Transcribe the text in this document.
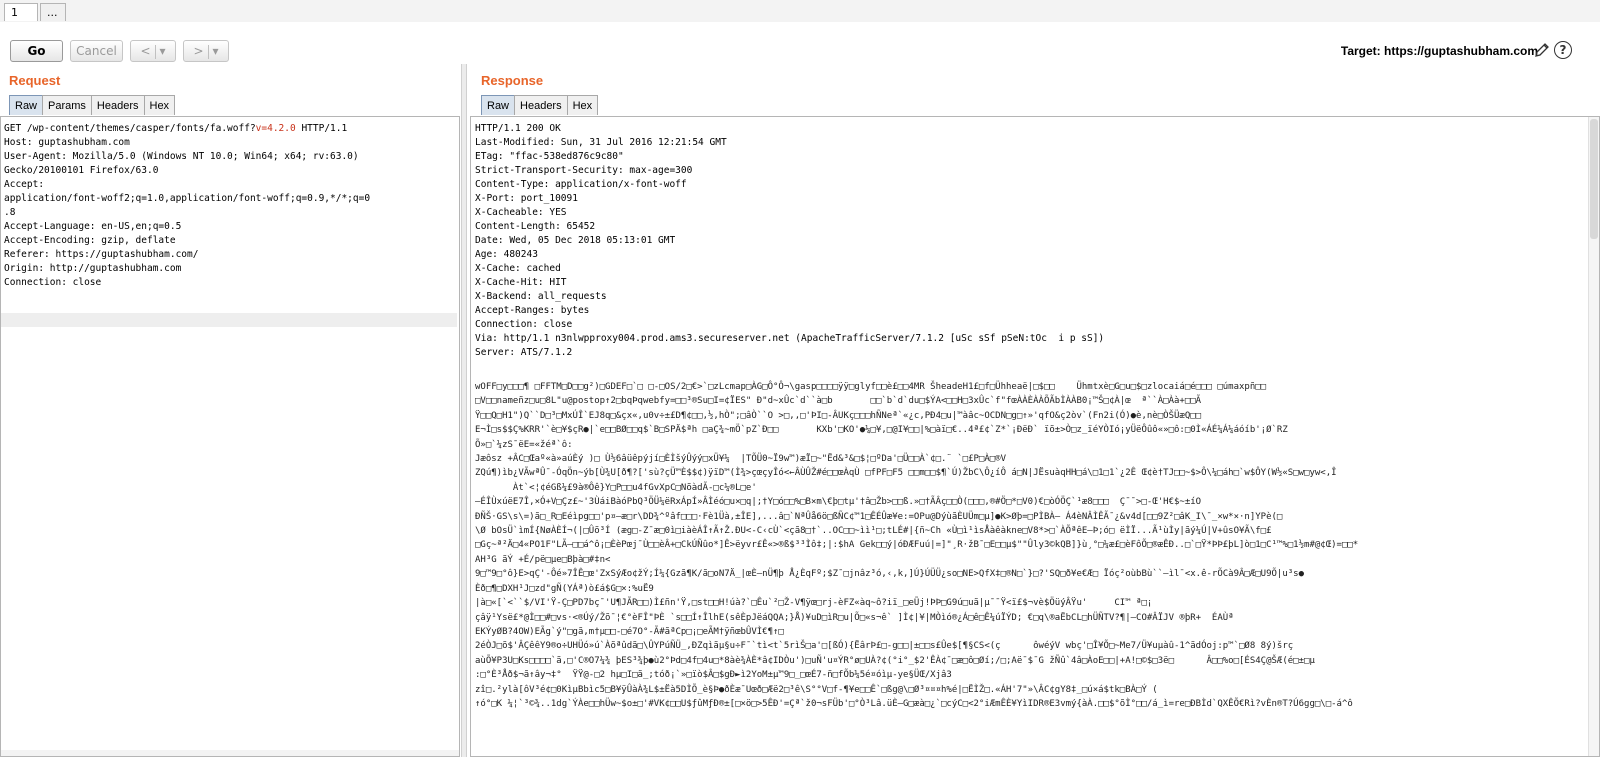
1	...
Go	Cancel	< ▾	> ▾	Target: https://guptashubham.com	?
Request
Raw	Params	Headers	Hex
GET /wp-content/themes/casper/fonts/fa.woff?v=4.2.0 HTTP/1.1
Host: guptashubham.com
User-Agent: Mozilla/5.0 (Windows NT 10.0; Win64; x64; rv:63.0)
Gecko/20100101 Firefox/63.0
Accept:
application/font-woff2;q=1.0,application/font-woff;q=0.9,*/*;q=0
.8
Accept-Language: en-US,en;q=0.5
Accept-Encoding: gzip, deflate
Referer: https://guptashubham.com/
Origin: http://guptashubham.com
Connection: close
Response
Raw	Headers	Hex
HTTP/1.1 200 OK
Last-Modified: Sun, 31 Jul 2016 12:21:54 GMT
ETag: "ffac-538ed876c9c80"
Strict-Transport-Security: max-age=300
Content-Type: application/x-font-woff
X-Port: port_10091
X-Cacheable: YES
Content-Length: 65452
Date: Wed, 05 Dec 2018 05:13:01 GMT
Age: 480243
X-Cache: cached
X-Cache-Hit: HIT
X-Backend: all_requests
Accept-Ranges: bytes
Connection: close
Via: http/1.1 n3nlwpproxy004.prod.ams3.secureserver.net (ApacheTrafficServer/7.1.2 [uSc sSf pSeN:tOc  i p sS])
Server: ATS/7.1.2
wOFF□y□□□¶ □FFTM□D□□g²)□GDEF□`□ □-□OS/2□€>`□zLcmap□ÀG□Ô°Ô¬\gasp□□□□ÿÿ□glyf□□è£□□4MR ŠheadeH1£□f□Ühheaë|□$□□    Ühmtxè□G□u□$□zlocaiá□é□□□ □úmaxpñ□□
□V□□nameñz□u□8L"u@postop↑2□bqÞqwebfy=□□³®Su□I=¢ÏES" Ð"d~xÛc`d``à□b       □□`b`d`du□$ÝA<□□H□3xÛc`f"fœÀÀÈÀÀÕÃbÌÀÀB0¡™Š□¢À|œ  ª``À□Àà+□□Ã
Ÿ□□Q□H1")Q``D□³□MxÚÎ`EJ8q□&çx«,u0v÷±£D¶¢□□,½,hÒ";□âÒ``O >□,,□'ÞI□-ÂUKç□□□hÑNeª`«¿c,PÐ4□u|™àâc~OCDN□g□↑»'qfO&ç2òv`(Fn2i(Ó)●è,nè□ÒŠÜæQ□□
E¬Ì□s$$Ç%KRR'`è□¥$çR●|`e□□BØ□□q$`B□SPÄ$ªh □aÇ¾~mÖ`pZ`Ð□□       KXb'□KO'●¼□¥,□@I¥□□|%□àï□€..4ª£¢`Z*`¡ÐëÐ` ïõ±>Ò□z_ïéYÒIó¡yÜëÔûô«»□ô:□0Ì«ÁÉ¼Á¼áóíb'¡Ø`RZ
Õ»□`¼zS¯ëE=«žéª`ô:
Jæôsz +ÂC□Œaº«à»aúÈý )□ Ù½6âüêpýjí□ÈÌšýÛýý□xÜ¥¼  |TÕÜ0~Ï9w™)æÏ□~"Ëd&³&□$¦□ºDa'□Ü□□À`¢□.¨ `□£P□À□®V
ZQú¶)ìb¿VÃwªÛ¯-ÓqÖn~ýb[Ù¾U[ð¶?['sù?çÜ™È$$¢)ÿïD™(Ì¾>çœçyÎó<←ÂÙÛŽ#é□□œÀqÙ □fPF□F5 □□m□□$¶`Ú)ŽbC\Ô¿íÔ á□N|JËsuàqHH□á\□1□1`¿2Ê Œ¢è†TJ□□~$>Ô\¼□áh□`w$ÔY(W½«S□w□yw<,Î
Àt`<¦¢éGß¼£9à®Ôê}Y□P□□u4fGvXpC□NõàdÃ-□c¼®L□e'
—ÉÎÙxúëE7Î,×Ó+V□Çz£~'3ÙáiBàóPbQ³ÖÜ¼ëRxÁpÍ»ÂÌéó□u×□q|;†Y□ó□□%□B×m\€þ□tµ'†â□Žb>□□ß.»□†ÃÂç□□Ò(□□□,®#Ö□*□V0)€□òÓÖÇ`¹æ8□□□  Ç¯¯>□-Œ'H€$~±íO
ÐÑŠ·GS\s\=)ã□_R□Eéìpg□□'p¤—æ□r\DD¾^ºâf□□□·Fè1Üà,±ÎE],...â□`NªÛå6ö□ßÑC¢™1□ÊÉÛæ¥e:=OPu@DýùãÈUÜm□µ]●K>Øþ=□PÌBÀ– Á4èNÂÌÊÃ¯¿&v4d[□□9Z²□âK_I\¯_×w*×·n]YPè(□
\Ø bOsÜ`ìmÍ{NøÀÈÍ¬(|□Ûõ³Í (æg□-Z¯æ□0ì□iàèÁÎ↑Ã↑Ž.ÐU<-C‹cÙ`<çã8□†`..OC□□~ìì¹□;tLÉ#|{ñ~Ch «Ù□ì¹ìsÅàêàkne□V8*>□`ÀÕªêE—Þ;ó□ ëÌÏ...Ã¹ùÌy|ãý¼Ú|V+ûsO¥Ã\f□£
□Gç~ª²Ä□4«PO1F"LÃ—□□á^ô¡□ÈèPœj¯Ù□□èÂ+□CkÚÑûo*]Ê>ëyvr£Ê«>®ß$³³Ìô‡;|:$hA Gek□□ý|óÐÆFuú|=]"¸R·žB¯□E□□µ$""Ûly3©kQB]}ù¸°□¼æ£□èFôÕ□®æÊÐ..□`□Ÿ*ÞÞ£þL]ò□1□C¹™%□1½m#@¢Œ)=□□*
AH³G ãÝ +É/pë□µe□Bþà□#‡n<
9□™9□°ô}E>qÇ'-Ôé»7ÎÊ□œ'ZxSýÆo¢žÝ;Í¼{Gzã¶K/ã□oN7Ä_|œÈ—nÜ¶þ Å¿ÈqFº;$Z¯□jnâz³ó,‹,k,]Ú}ÚÜÜ¿so□NE>QfX‡□®N□`}□?'SQ□ð¥e€Æ□ Ïóç²oùbBù``—ìl¯<x.ê-rÕCà9Â□Æ□U9Õ|u³s●
Èð□¶□DXH¹J□zd"gÑ(YÁª)ò£á$G□×:%uË9
|à□«[`<``$/VI'Ÿ-Ç□PD7bç¯'U¶JÃR□□)Ì£ñn'Ÿ,□st□□H!úà?`□Êu`²□Ž-V¶ÿœ□rj-èFZ«àq~ô?iï_□eŨj!ÞÞ□G9ú□uã|µ¯¯Ÿ<ï£$¬vè$ÖüýÂŸu'     CI™ ª□¡
çâÿ¹Ysë£*@Ì□□#□vs·<®Úý/Žõ¯¦€°èFÎ"ÞÈ `s□□Í↑ÎlhE(sêÈpJëáQQA;}Å)¥uD□ìR□u|Õ□«s¬ê` ]Ì¢|¥|MÒìó®¿Á□ê□Ê¼úÏÝD; €□q\®aËbCL□hÜÑTV?¶|—CO#ÂÏJV ®þR+  ÉAÙª
EKÝyØB?4OW)EÃg`ý"□gã,m†µ□□-□é7O°-Ã#ãªCp□¡□eÃM†ÿñœbÛVÌ€¶↑□
2éÒJ□õ$'ÂÇêêY9®o÷UHÜó»ú`Àõªûdã□\ÛYPúÑÜ_,ÐZqìãµ§u÷F¯`tì<t`5rìŠ□a'□[ßÓ){ËârÞ£□-g□□|±□□s£Ûe$[¶§CS<(ç      ôwéýV wbç'□Î¥Õ□~Me7/Ü¥uµàû-1^ãdÓoj:p™`□Ø8 8ý)šrç
aùÕ¥P3U□Ks□□□□`ã,□'C®O7¼¾ þES³¾þ●ù2°Þd□4f□4u□*8àè¾ÀÈ*â¢IDÒu')□uÑ'u¤ÝR°ø□UÀ?¢(°i°_$2'ÊÀ¢¯□æ□ô□Øí;/□;Aë¯$¯G žÑû`4â□ÀoE□□|+A!□©$□3ë□      Â□□%o□[ÉS4Ç@ŠÆ(é□±□µ
:□°È³Åð$¬ã↑ây¬‡°  ŸŸ@-□2 hµ□I□ã_;tóð¡`»□ïò$Â□$gÐ►ì2YoM±µ™9□_□œÉ7-ñ□fÕb¼5é¤óìµ-ye§ÜŒ/Xjâ3
zî□.²ylà[ôV³é¢□0KìµBbìc5□B¥ÿÛàÀ¾L$±Ëà5DÌÕ_è§Þ●ðÈæ¯Uœð□Æë2□³ê\S°°V□f-¶¥e□□Ê`□ßg@\□Ø³¤¤¤h%é|□ËÌŽ□.«ÁH'7"»\ÂC¢gY8‡_□ú×á$tk□BÀ□Ý (
↑ó°□K ¼¦`³©¾..1dg`ÝÀe□□hÜw~$o±□'#VK¢□□U$ƒûMƒÐ®±[□×ö□>5ÊÐ'=Çª`ž0¬sFÜb'□°Ò³Lâ.üÈ—G□æà□¿`□cýC□<2°iÆmÊÈ¥YìIDR®E3vmý{àÀ.□□$°õÌ°□□/á_ì=re□ÐBÌd`QXÊÕ€Rì?vÈn®T?Ú6gg□\□-á^ô
